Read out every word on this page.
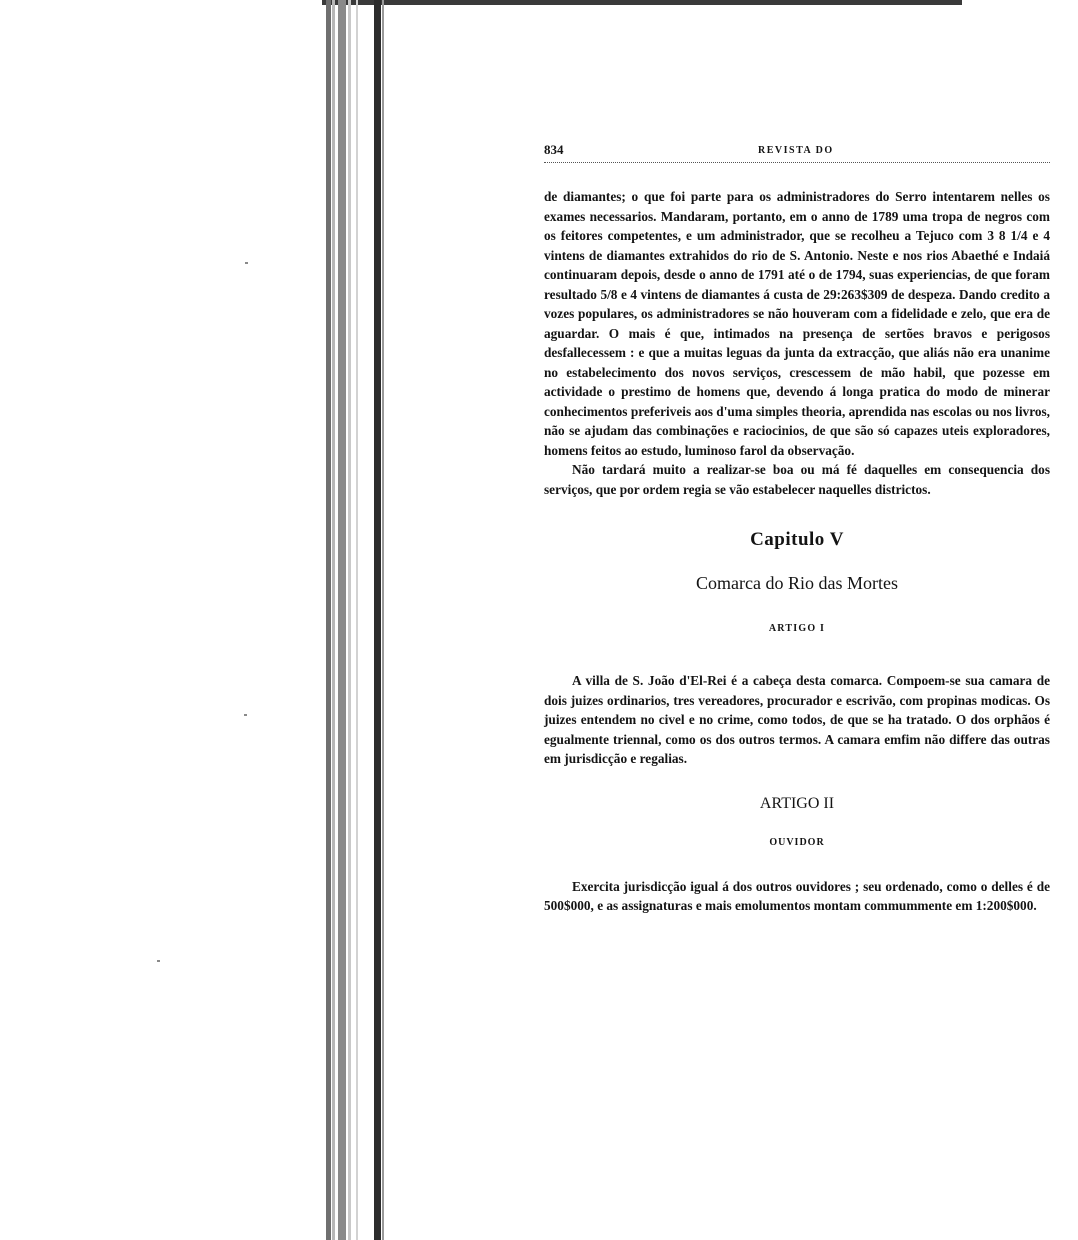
834	REVISTA DO

de diamantes; o que foi parte para os administradores do Serro intentarem nelles os exames necessarios. Mandaram, portanto, em o anno de 1789 uma tropa de negros com os feitores competentes, e um administrador, que se recolheu a Tejuco com 3 8 1/4 e 4 vintens de diamantes extrahidos do rio de S. Antonio. Neste e nos rios Abaethé e Indaiá continuaram depois, desde o anno de 1791 até o de 1794, suas experiencias, de que foram resultado 5/8 e 4 vintens de diamantes á custa de 29:263$309 de despeza. Dando credito a vozes populares, os administradores se não houveram com a fidelidade e zelo, que era de aguardar. O mais é que, intimados na presença de sertões bravos e perigosos desfallecessem : e que a muitas leguas da junta da extracção, que aliás não era unanime no estabelecimento dos novos serviços, crescessem de mão habil, que pozesse em actividade o prestimo de homens que, devendo á longa pratica do modo de minerar conhecimentos preferiveis aos d'uma simples theoria, aprendida nas escolas ou nos livros, não se ajudam das combinações e raciocinios, de que são só capazes uteis exploradores, homens feitos ao estudo, luminoso farol da observação.

Não tardará muito a realizar-se boa ou má fé daquelles em consequencia dos serviços, que por ordem regia se vão estabelecer naquelles districtos.

Capitulo V
Comarca do Rio das Mortes
ARTIGO I

A villa de S. João d'El-Rei é a cabeça desta comarca. Compoem-se sua camara de dois juizes ordinarios, tres vereadores, procurador e escrivão, com propinas modicas. Os juizes entendem no civel e no crime, como todos, de que se ha tratado. O dos orphãos é egualmente triennal, como os dos outros termos. A camara emfim não differe das outras em jurisdicção e regalias.

ARTIGO II
OUVIDOR

Exercita jurisdicção igual á dos outros ouvidores ; seu ordenado, como o delles é de 500$000, e as assignaturas e mais emolumentos montam commummente em 1:200$000.
